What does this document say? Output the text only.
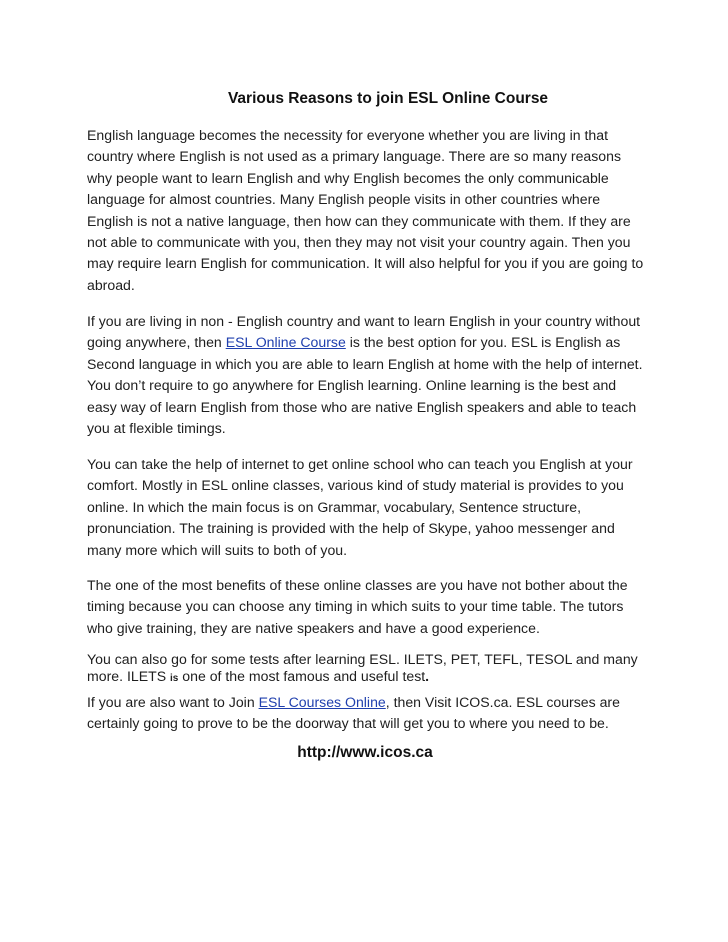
Various Reasons to join ESL Online Course

English language becomes the necessity for everyone whether you are living in that country where English is not used as a primary language. There are so many reasons why people want to learn English and why English becomes the only communicable language for almost countries. Many English people visits in other countries where English is not a native language, then how can they communicate with them. If they are not able to communicate with you, then they may not visit your country again. Then you may require learn English for communication. It will also helpful for you if you are going to abroad.

If you are living in non - English country and want to learn English in your country without going anywhere, then ESL Online Course is the best option for you. ESL is English as Second language in which you are able to learn English at home with the help of internet. You don’t require to go anywhere for English learning. Online learning is the best and easy way of learn English from those who are native English speakers and able to teach you at flexible timings.

You can take the help of internet to get online school who can teach you English at your comfort. Mostly in ESL online classes, various kind of study material is provides to you online. In which the main focus is on Grammar, vocabulary, Sentence structure, pronunciation. The training is provided with the help of Skype, yahoo messenger and many more which will suits to both of you.

The one of the most benefits of these online classes are you have not bother about the timing because you can choose any timing in which suits to your time table. The tutors who give training, they are native speakers and have a good experience.

You can also go for some tests after learning ESL. ILETS, PET, TEFL, TESOL and many more. ILETS is one of the most famous and useful test.

If you are also want to Join ESL Courses Online, then Visit ICOS.ca. ESL courses are certainly going to prove to be the doorway that will get you to where you need to be.

http://www.icos.ca
